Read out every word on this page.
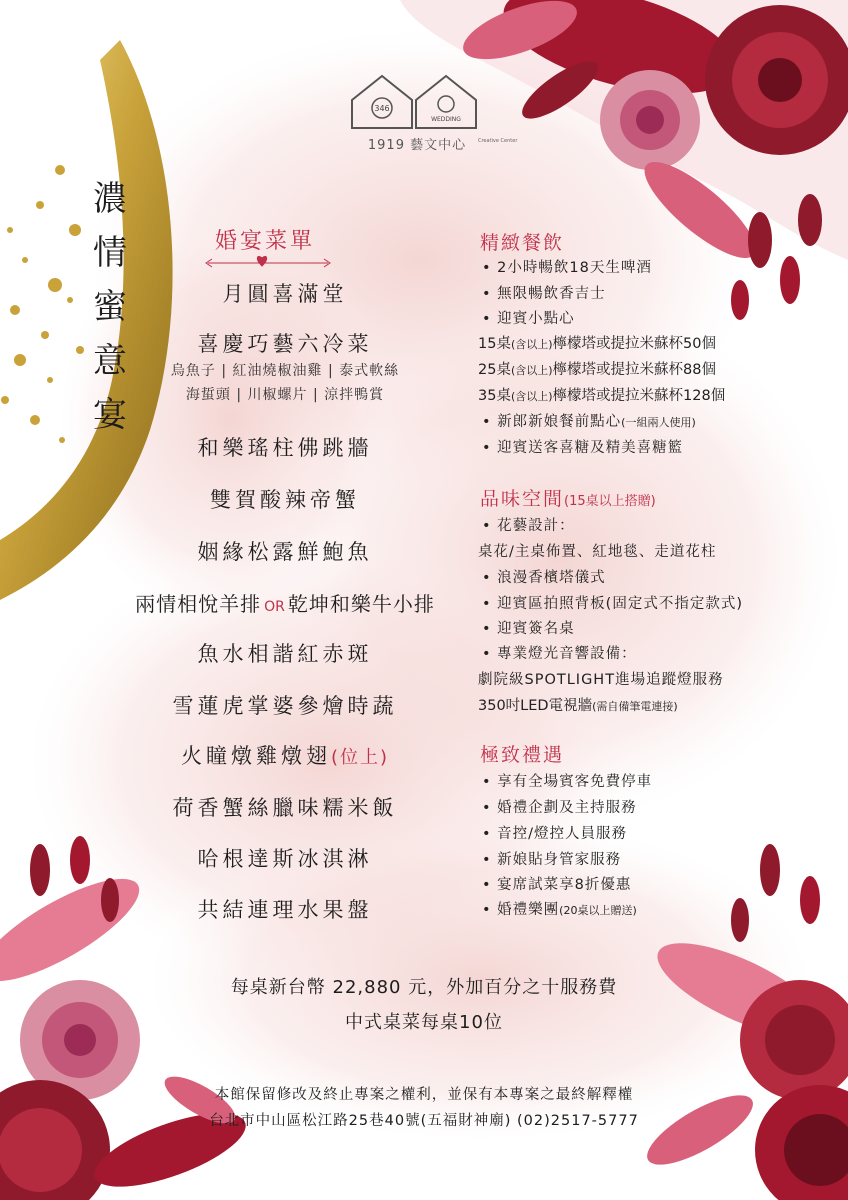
346
WEDDING
Creative Center
1919 藝文中心
濃
情
蜜
意
宴
婚宴菜單
月圓喜滿堂
喜慶巧藝六冷菜
烏魚子 | 紅油燒椒油雞 | 泰式軟絲
海蜇頭 | 川椒螺片 | 涼拌鴨賞
和樂瑤柱佛跳牆
雙賀酸辣帝蟹
姻緣松露鮮鮑魚
兩情相悅羊排 OR 乾坤和樂牛小排
魚水相諧紅赤斑
雪蓮虎掌婆參燴時蔬
火瞳燉雞燉翅(位上)
荷香蟹絲臘味糯米飯
哈根達斯冰淇淋
共結連理水果盤
精緻餐飲
• 2小時暢飲18天生啤酒
• 無限暢飲香吉士
• 迎賓小點心
15桌(含以上)檸檬塔或提拉米蘇杯50個
25桌(含以上)檸檬塔或提拉米蘇杯88個
35桌(含以上)檸檬塔或提拉米蘇杯128個
• 新郎新娘餐前點心(一組兩人使用)
• 迎賓送客喜糖及精美喜糖籃
品味空間(15桌以上搭贈)
• 花藝設計：
桌花/主桌佈置、紅地毯、走道花柱
• 浪漫香檳塔儀式
• 迎賓區拍照背板(固定式不指定款式)
• 迎賓簽名桌
• 專業燈光音響設備：
劇院級SPOTLIGHT進場追蹤燈服務
350吋LED電視牆(需自備筆電連接)
極致禮遇
• 享有全場賓客免費停車
• 婚禮企劃及主持服務
• 音控/燈控人員服務
• 新娘貼身管家服務
• 宴席試菜享8折優惠
• 婚禮樂團(20桌以上贈送)
每桌新台幣 22,880 元，外加百分之十服務費
中式桌菜每桌10位
本館保留修改及終止專案之權利，並保有本專案之最終解釋權
台北市中山區松江路25巷40號(五福財神廟) (02)2517-5777
